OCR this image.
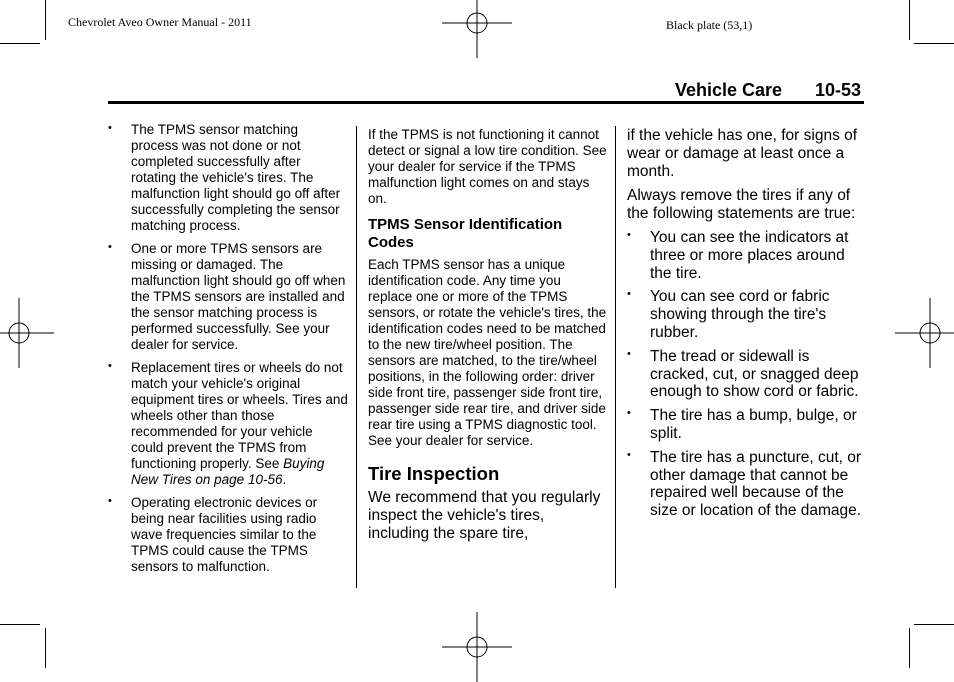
Chevrolet Aveo Owner Manual - 2011	Black plate (53,1)
Vehicle Care 10-53
• The TPMS sensor matching process was not done or not completed successfully after rotating the vehicle's tires. The malfunction light should go off after successfully completing the sensor matching process.
• One or more TPMS sensors are missing or damaged. The malfunction light should go off when the TPMS sensors are installed and the sensor matching process is performed successfully. See your dealer for service.
• Replacement tires or wheels do not match your vehicle's original equipment tires or wheels. Tires and wheels other than those recommended for your vehicle could prevent the TPMS from functioning properly. See Buying New Tires on page 10-56.
• Operating electronic devices or being near facilities using radio wave frequencies similar to the TPMS could cause the TPMS sensors to malfunction.

If the TPMS is not functioning it cannot detect or signal a low tire condition. See your dealer for service if the TPMS malfunction light comes on and stays on.

TPMS Sensor Identification Codes

Each TPMS sensor has a unique identification code. Any time you replace one or more of the TPMS sensors, or rotate the vehicle's tires, the identification codes need to be matched to the new tire/wheel position. The sensors are matched, to the tire/wheel positions, in the following order: driver side front tire, passenger side front tire, passenger side rear tire, and driver side rear tire using a TPMS diagnostic tool. See your dealer for service.

Tire Inspection

We recommend that you regularly inspect the vehicle's tires, including the spare tire,

if the vehicle has one, for signs of wear or damage at least once a month.

Always remove the tires if any of the following statements are true:

• You can see the indicators at three or more places around the tire.
• You can see cord or fabric showing through the tire's rubber.
• The tread or sidewall is cracked, cut, or snagged deep enough to show cord or fabric.
• The tire has a bump, bulge, or split.
• The tire has a puncture, cut, or other damage that cannot be repaired well because of the size or location of the damage.
